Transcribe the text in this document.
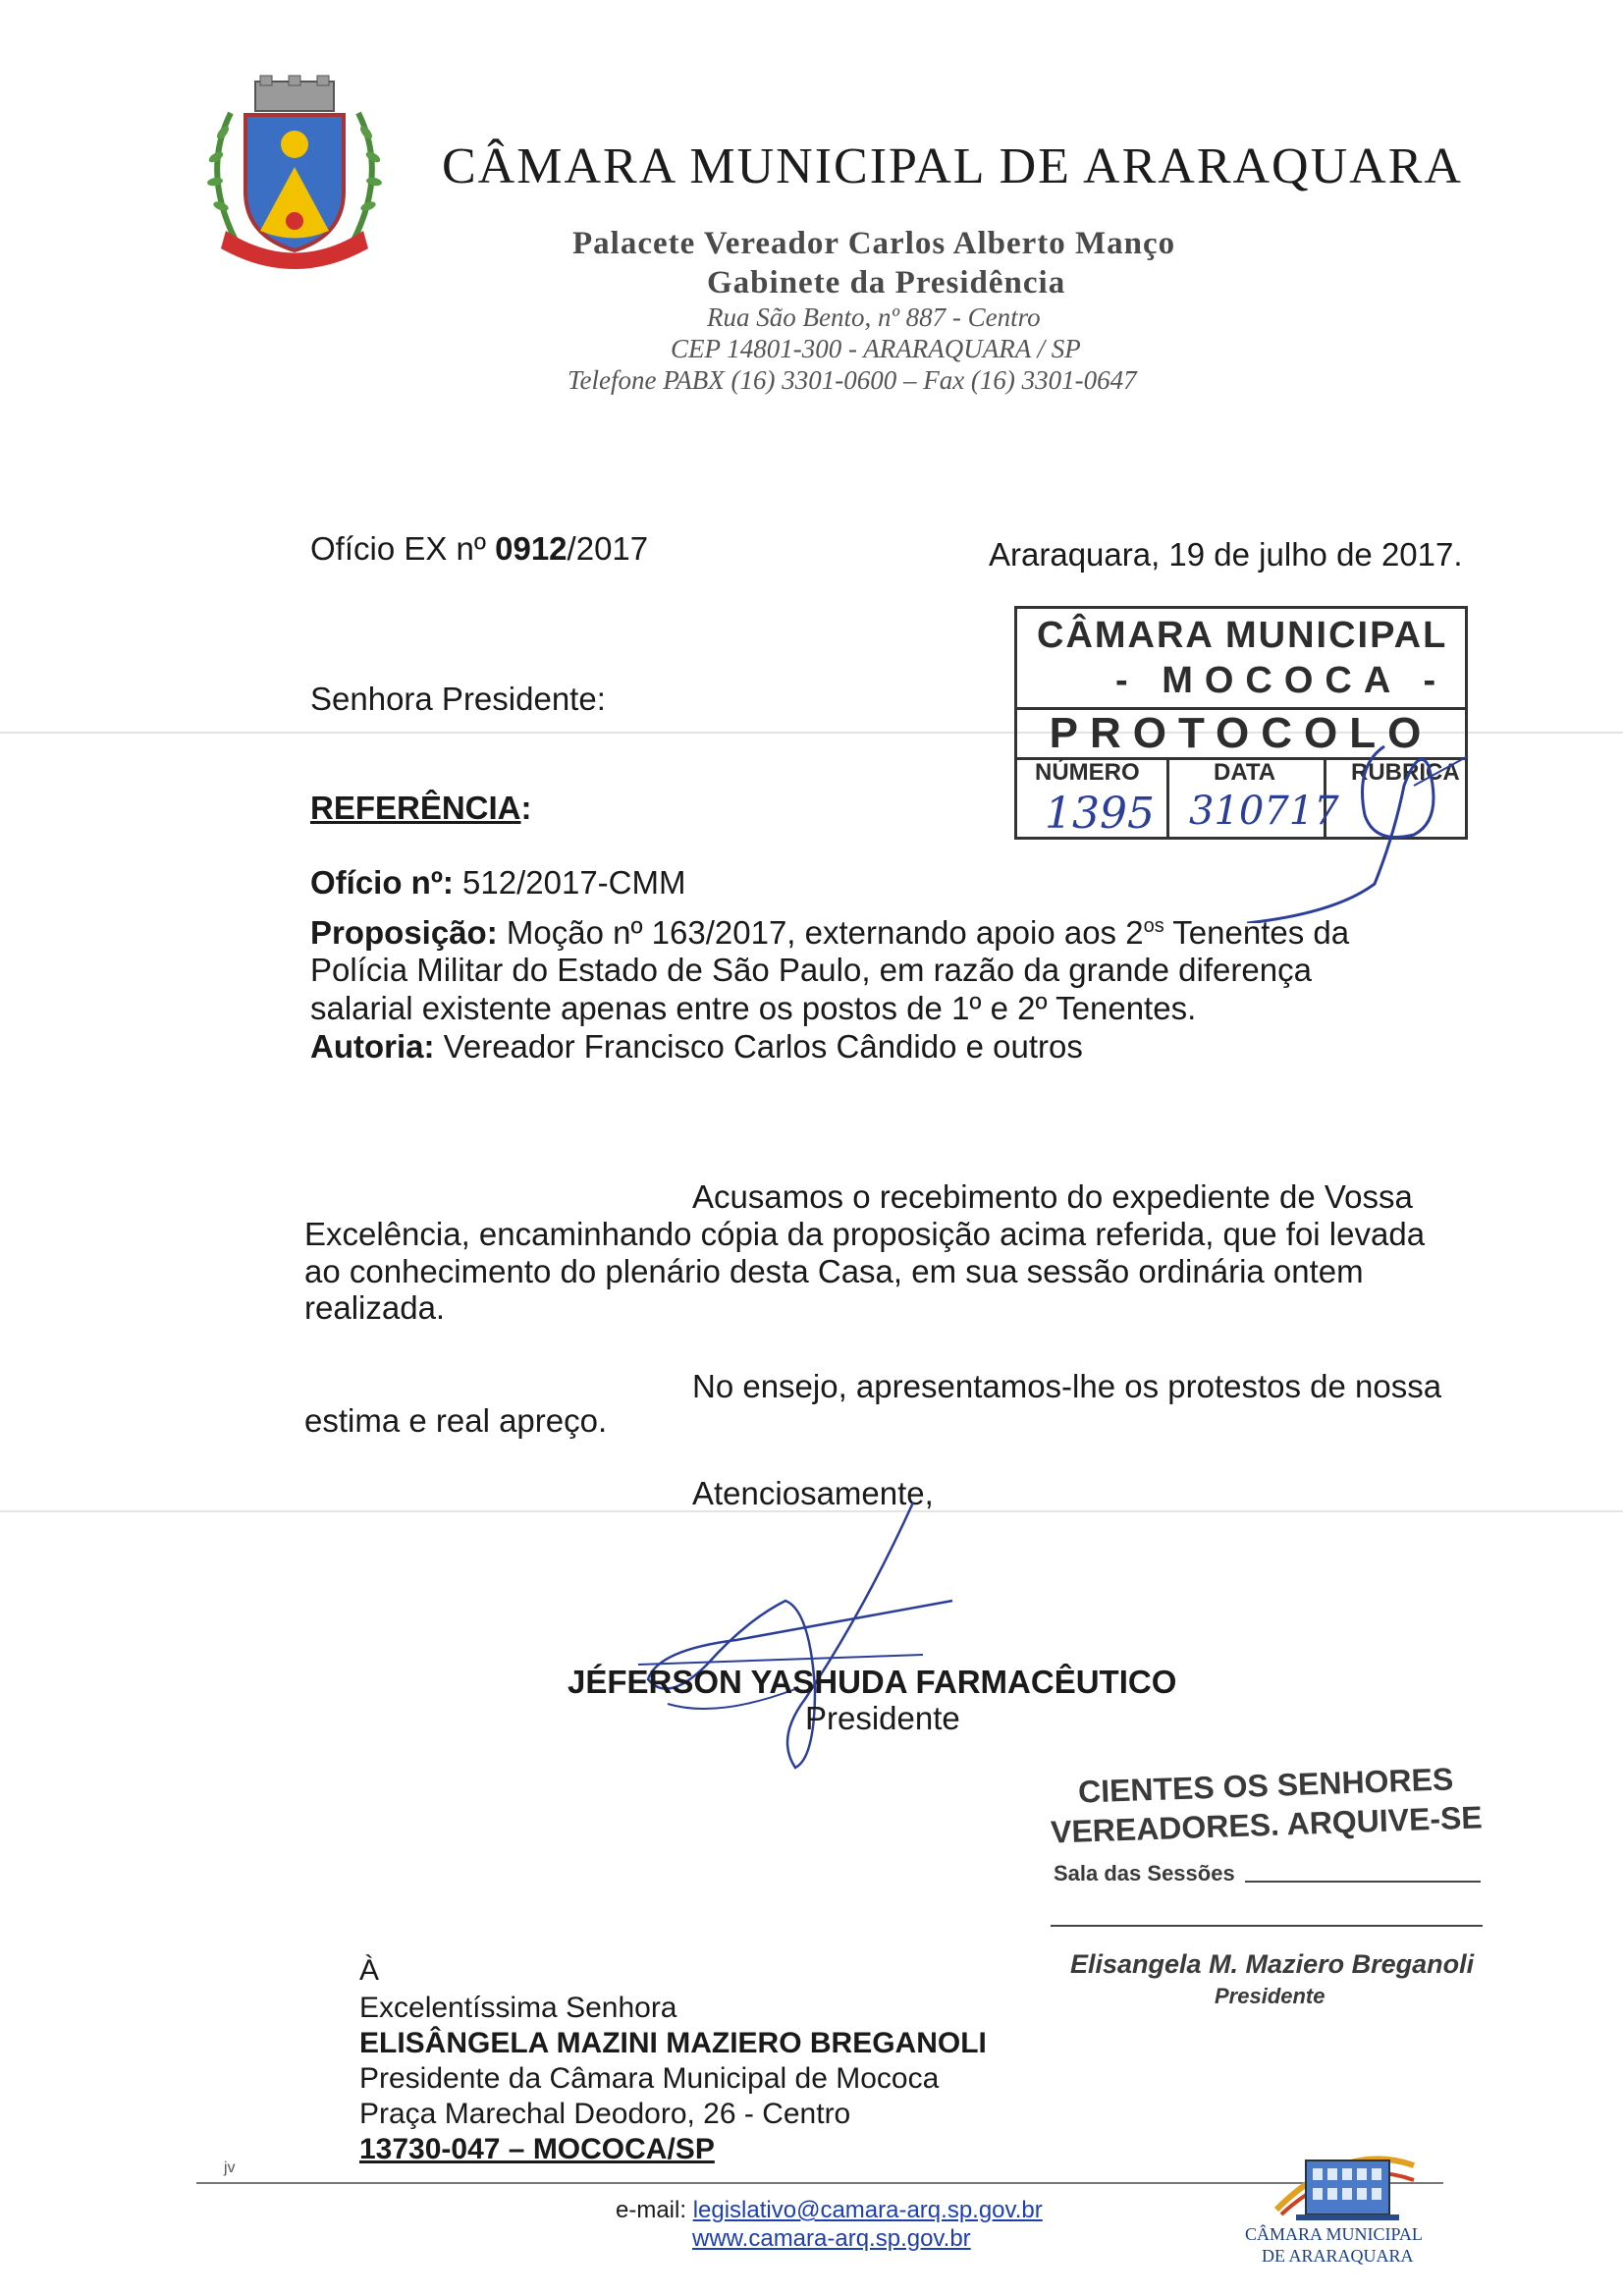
CÂMARA MUNICIPAL DE ARARAQUARA
Palacete Vereador Carlos Alberto Manço
Gabinete da Presidência
Rua São Bento, nº 887 - Centro
CEP 14801-300 - ARARAQUARA / SP
Telefone PABX (16) 3301-0600 – Fax (16) 3301-0647
Ofício EX nº 0912/2017	Araraquara, 19 de julho de 2017.
Senhora Presidente:
REFERÊNCIA:
Ofício nº: 512/2017-CMM
Proposição: Moção nº 163/2017, externando apoio aos $2^{os}$ Tenentes da
Polícia Militar do Estado de São Paulo, em razão da grande diferença
salarial existente apenas entre os postos de 1º e 2º Tenentes.
Autoria: Vereador Francisco Carlos Cândido e outros
Acusamos o recebimento do expediente de Vossa
Excelência, encaminhando cópia da proposição acima referida, que foi levada
ao conhecimento do plenário desta Casa, em sua sessão ordinária ontem
realizada.
No ensejo, apresentamos-lhe os protestos de nossa
estima e real apreço.
Atenciosamente,
CÂMARA MUNICIPAL
- MOCOCA -
PROTOCOLO
NÚMERO	DATA	RUBRICA
1395 310717
JÉFERSON YASHUDA FARMACÊUTICO
Presidente
CIENTES OS SENHORES
VEREADORES. ARQUIVE-SE
Sala das Sessões
Elisangela M. Maziero Breganoli
Presidente
À
Excelentíssima Senhora
ELISÂNGELA MAZINI MAZIERO BREGANOLI
Presidente da Câmara Municipal de Mococa
Praça Marechal Deodoro, 26 - Centro
13730-047 – MOCOCA/SP
jv
e-mail: legislativo@camara-arq.sp.gov.br
www.camara-arq.sp.gov.br	CÂMARA MUNICIPAL
DE ARARAQUARA
